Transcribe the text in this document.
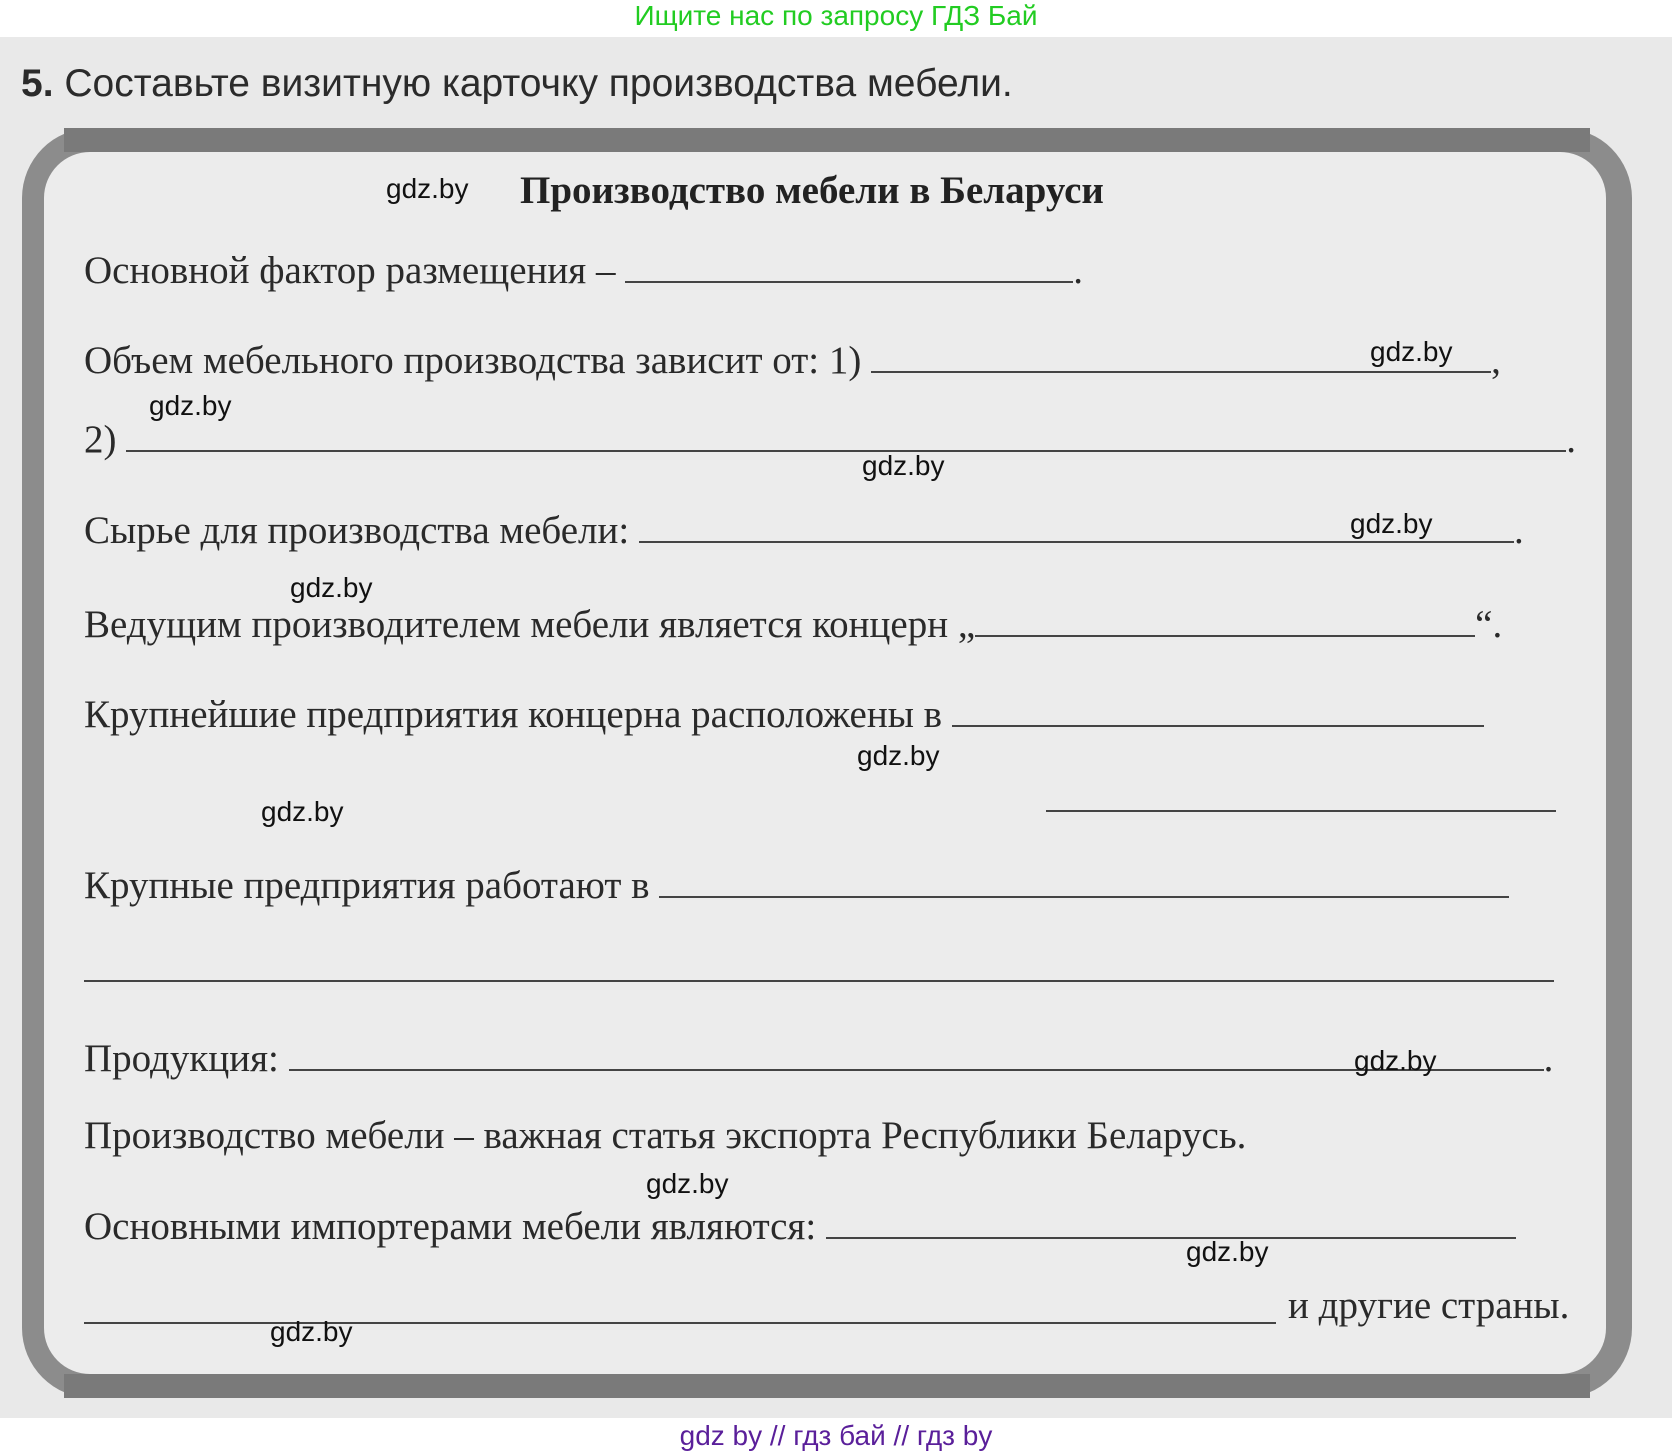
Ищите нас по запросу ГДЗ Бай
5. Составьте визитную карточку производства мебели.
Производство мебели в Беларуси
Основной фактор размещения –	.
Объем мебельного производства зависит от: 1)	,
2)	.
Сырье для производства мебели:	.
Ведущим производителем мебели является концерн „	“.
Крупнейшие предприятия концерна расположены в
Крупные предприятия работают в
Продукция:	.
Производство мебели – важная статья экспорта Республики Беларусь.
Основными импортерами мебели являются:
и другие страны.
gdz.by
gdz.by
gdz.by
gdz.by
gdz.by
gdz.by
gdz.by
gdz.by
gdz.by
gdz.by
gdz.by
gdz.by
gdz by // гдз бай // гдз by
